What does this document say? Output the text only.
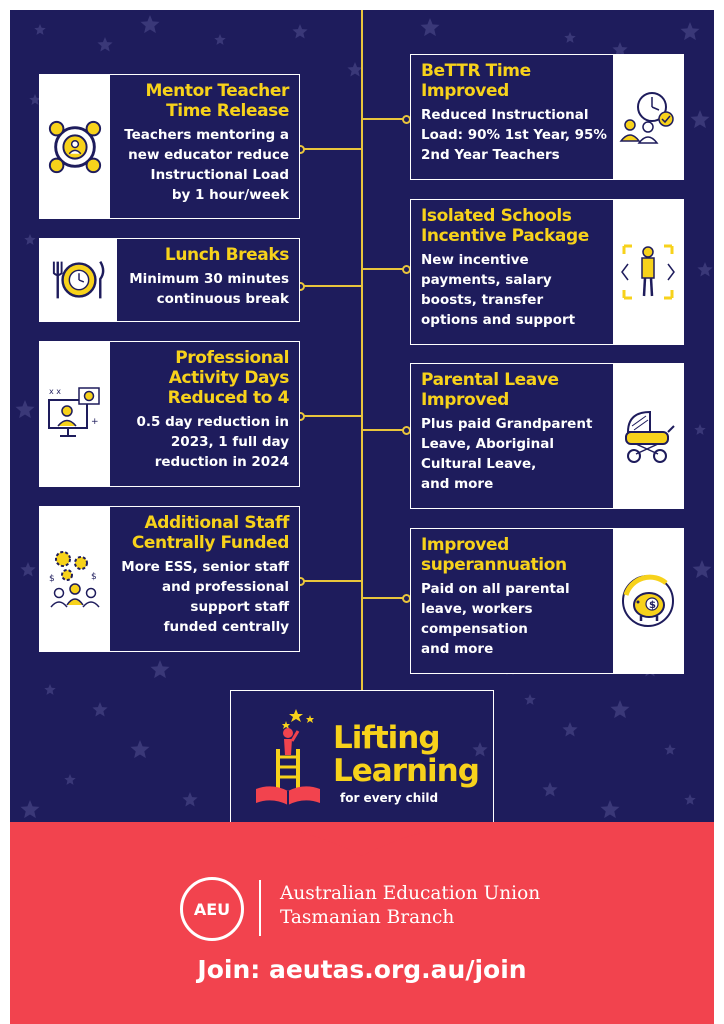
Mentor Teacher
Time Release
Teachers mentoring a
new educator reduce
Instructional Load
by 1 hour/week
Lunch Breaks
Minimum 30 minutes
continuous break
x x
+
Professional
Activity Days
Reduced to 4
0.5 day reduction in
2023, 1 full day
reduction in 2024
$	$
Additional Staff
Centrally Funded
More ESS, senior staff
and professional
support staff
funded centrally
BeTTR Time
Improved
Reduced Instructional
Load: 90% 1st Year, 95%
2nd Year Teachers
Isolated Schools
Incentive Package
New incentive
payments, salary
boosts, transfer
options and support
Parental Leave
Improved
Plus paid Grandparent
Leave, Aboriginal
Cultural Leave,
and more
$
Improved
superannuation
Paid on all parental
leave, workers
compensation
and more
Lifting
Learning
for every child
AEU
Australian Education Union
Tasmanian Branch
Join: aeutas.org.au/join
